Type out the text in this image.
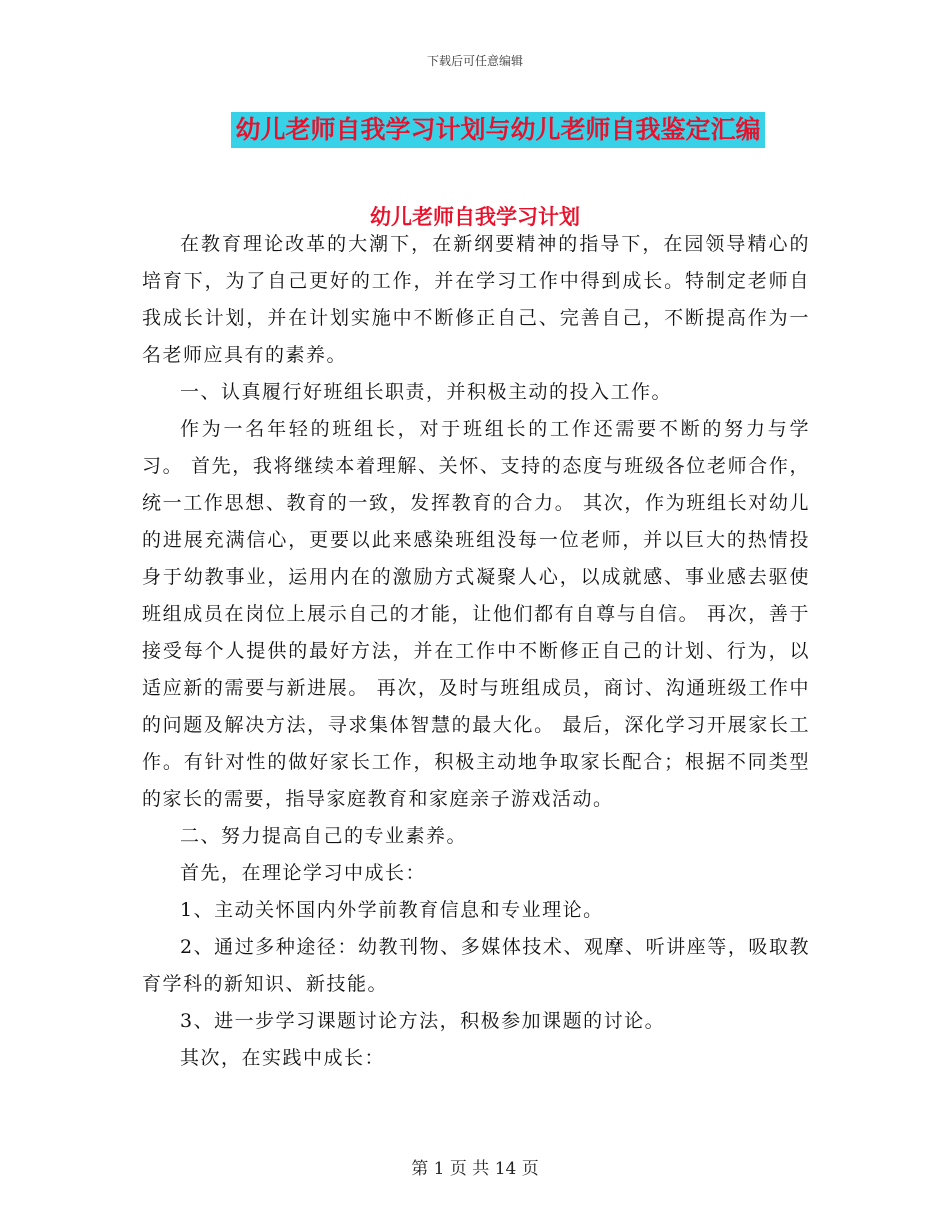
下载后可任意编辑
幼儿老师自我学习计划与幼儿老师自我鉴定汇编
幼儿老师自我学习计划

在教育理论改革的大潮下，在新纲要精神的指导下，在园领导精心的培育下，为了自己更好的工作，并在学习工作中得到成长。特制定老师自我成长计划，并在计划实施中不断修正自己、完善自己，不断提高作为一名老师应具有的素养。

一、认真履行好班组长职责，并积极主动的投入工作。

作为一名年轻的班组长，对于班组长的工作还需要不断的努力与学习。 首先，我将继续本着理解、关怀、支持的态度与班级各位老师合作，统一工作思想、教育的一致，发挥教育的合力。 其次，作为班组长对幼儿的进展充满信心，更要以此来感染班组没每一位老师，并以巨大的热情投身于幼教事业，运用内在的激励方式凝聚人心，以成就感、事业感去驱使班组成员在岗位上展示自己的才能，让他们都有自尊与自信。 再次，善于接受每个人提供的最好方法，并在工作中不断修正自己的计划、行为，以适应新的需要与新进展。 再次，及时与班组成员，商讨、沟通班级工作中的问题及解决方法，寻求集体智慧的最大化。 最后，深化学习开展家长工作。有针对性的做好家长工作，积极主动地争取家长配合；根据不同类型的家长的需要，指导家庭教育和家庭亲子游戏活动。

二、努力提高自己的专业素养。

首先，在理论学习中成长：

1、主动关怀国内外学前教育信息和专业理论。

2、通过多种途径：幼教刊物、多媒体技术、观摩、听讲座等，吸取教育学科的新知识、新技能。

3、进一步学习课题讨论方法，积极参加课题的讨论。

其次，在实践中成长：

第 1 页 共 14 页
